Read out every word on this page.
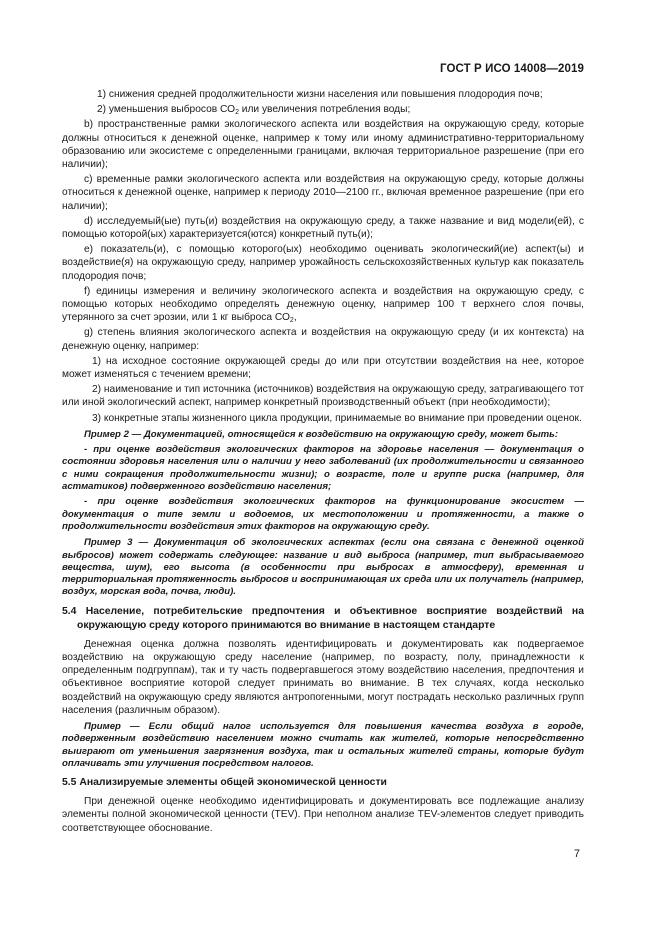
ГОСТ Р ИСО 14008—2019

1) снижения средней продолжительности жизни населения или повышения плодородия почв;

2) уменьшения выбросов $СО_2$ или увеличения потребления воды;

b) пространственные рамки экологического аспекта или воздействия на окружающую среду, которые должны относиться к денежной оценке, например к тому или иному административно-территориальному образованию или экосистеме с определенными границами, включая территориальное разрешение (при его наличии);

c) временные рамки экологического аспекта или воздействия на окружающую среду, которые должны относиться к денежной оценке, например к периоду 2010—2100 гг., включая временное разрешение (при его наличии);

d) исследуемый(ые) путь(и) воздействия на окружающую среду, а также название и вид модели(ей), с помощью которой(ых) характеризуется(ются) конкретный путь(и);

e) показатель(и), с помощью которого(ых) необходимо оценивать экологический(ие) аспект(ы) и воздействие(я) на окружающую среду, например урожайность сельскохозяйственных культур как показатель плодородия почв;

f) единицы измерения и величину экологического аспекта и воздействия на окружающую среду, с помощью которых необходимо определять денежную оценку, например 100 т верхнего слоя почвы, утерянного за счет эрозии, или 1 кг выброса $СО_2$,

g) степень влияния экологического аспекта и воздействия на окружающую среду (и их контекста) на денежную оценку, например:

1) на исходное состояние окружающей среды до или при отсутствии воздействия на нее, которое может изменяться с течением времени;

2) наименование и тип источника (источников) воздействия на окружающую среду, затрагивающего тот или иной экологический аспект, например конкретный производственный объект (при необходимости);

3) конкретные этапы жизненного цикла продукции, принимаемые во внимание при проведении оценок.

Пример 2 — Документацией, относящейся к воздействию на окружающую среду, может быть:

- при оценке воздействия экологических факторов на здоровье населения — документация о состоянии здоровья населения или о наличии у него заболеваний (их продолжительности и связанного с ними сокращения продолжительности жизни); о возрасте, поле и группе риска (например, для астматиков) подверженного воздействию населения;

- при оценке воздействия экологических факторов на функционирование экосистем — документация о типе земли и водоемов, их местоположении и протяженности, а также о продолжительности воздействия этих факторов на окружающую среду.

Пример 3 — Документация об экологических аспектах (если она связана с денежной оценкой выбросов) может содержать следующее: название и вид выброса (например, тип выбрасываемого вещества, шум), его высота (в особенности при выбросах в атмосферу), временная и территориальная протяженность выбросов и воспринимающая их среда или их получатель (например, воздух, морская вода, почва, люди).

5.4 Население, потребительские предпочтения и объективное восприятие воздействий на окружающую среду которого принимаются во внимание в настоящем стандарте

Денежная оценка должна позволять идентифицировать и документировать как подвергаемое воздействию на окружающую среду население (например, по возрасту, полу, принадлежности к определенным подгруппам), так и ту часть подвергавшегося этому воздействию населения, предпочтения и объективное восприятие которой следует принимать во внимание. В тех случаях, когда несколько воздействий на окружающую среду являются антропогенными, могут пострадать несколько различных групп населения (различным образом).

Пример — Если общий налог используется для повышения качества воздуха в городе, подверженным воздействию населением можно считать как жителей, которые непосредственно выиграют от уменьшения загрязнения воздуха, так и остальных жителей страны, которые будут оплачивать эти улучшения посредством налогов.

5.5 Анализируемые элементы общей экономической ценности

При денежной оценке необходимо идентифицировать и документировать все подлежащие анализу элементы полной экономической ценности (TEV). При неполном анализе TEV-элементов следует приводить соответствующее обоснование.

7
